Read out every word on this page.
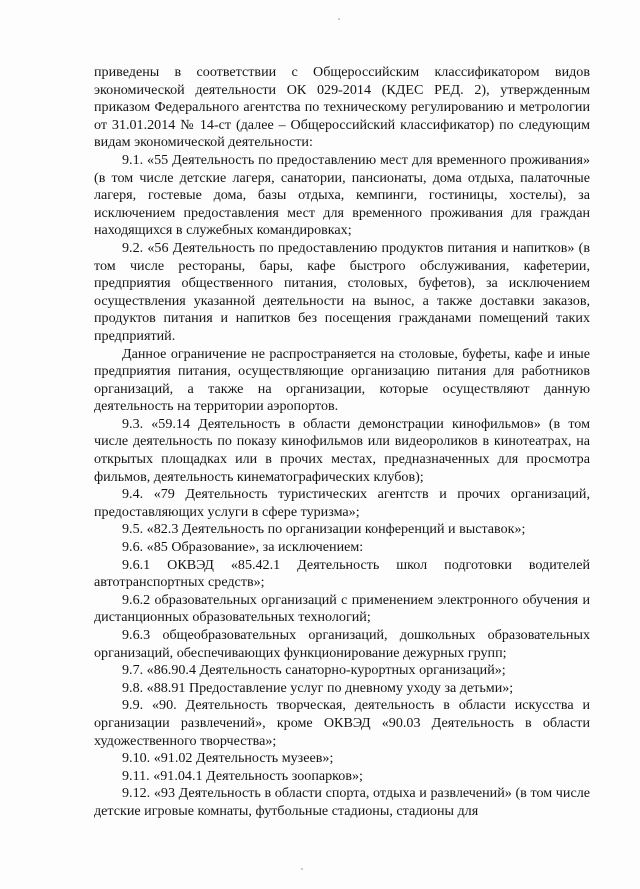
приведены в соответствии с Общероссийским классификатором видов экономической деятельности ОК 029-2014 (КДЕС РЕД. 2), утвержденным приказом Федерального агентства по техническому регулированию и метрологии от 31.01.2014 № 14-ст (далее – Общероссийский классификатор) по следующим видам экономической деятельности:

9.1. «55 Деятельность по предоставлению мест для временного проживания» (в том числе детские лагеря, санатории, пансионаты, дома отдыха, палаточные лагеря, гостевые дома, базы отдыха, кемпинги, гостиницы, хостелы), за исключением предоставления мест для временного проживания для граждан находящихся в служебных командировках;

9.2. «56 Деятельность по предоставлению продуктов питания и напитков» (в том числе рестораны, бары, кафе быстрого обслуживания, кафетерии, предприятия общественного питания, столовых, буфетов), за исключением осуществления указанной деятельности на вынос, а также доставки заказов, продуктов питания и напитков без посещения гражданами помещений таких предприятий.

Данное ограничение не распространяется на столовые, буфеты, кафе и иные предприятия питания, осуществляющие организацию питания для работников организаций, а также на организации, которые осуществляют данную деятельность на территории аэропортов.

9.3. «59.14 Деятельность в области демонстрации кинофильмов» (в том числе деятельность по показу кинофильмов или видеороликов в кинотеатрах, на открытых площадках или в прочих местах, предназначенных для просмотра фильмов, деятельность кинематографических клубов);

9.4. «79 Деятельность туристических агентств и прочих организаций, предоставляющих услуги в сфере туризма»;

9.5. «82.3 Деятельность по организации конференций и выставок»;

9.6. «85 Образование», за исключением:

9.6.1 ОКВЭД «85.42.1 Деятельность школ подготовки водителей автотранспортных средств»;

9.6.2 образовательных организаций с применением электронного обучения и дистанционных образовательных технологий;

9.6.3 общеобразовательных организаций, дошкольных образовательных организаций, обеспечивающих функционирование дежурных групп;

9.7. «86.90.4 Деятельность санаторно-курортных организаций»;

9.8. «88.91 Предоставление услуг по дневному уходу за детьми»;

9.9. «90. Деятельность творческая, деятельность в области искусства и организации развлечений», кроме ОКВЭД «90.03 Деятельность в области художественного творчества»;

9.10. «91.02 Деятельность музеев»;

9.11. «91.04.1 Деятельность зоопарков»;

9.12. «93 Деятельность в области спорта, отдыха и развлечений» (в том числе детские игровые комнаты, футбольные стадионы, стадионы для
